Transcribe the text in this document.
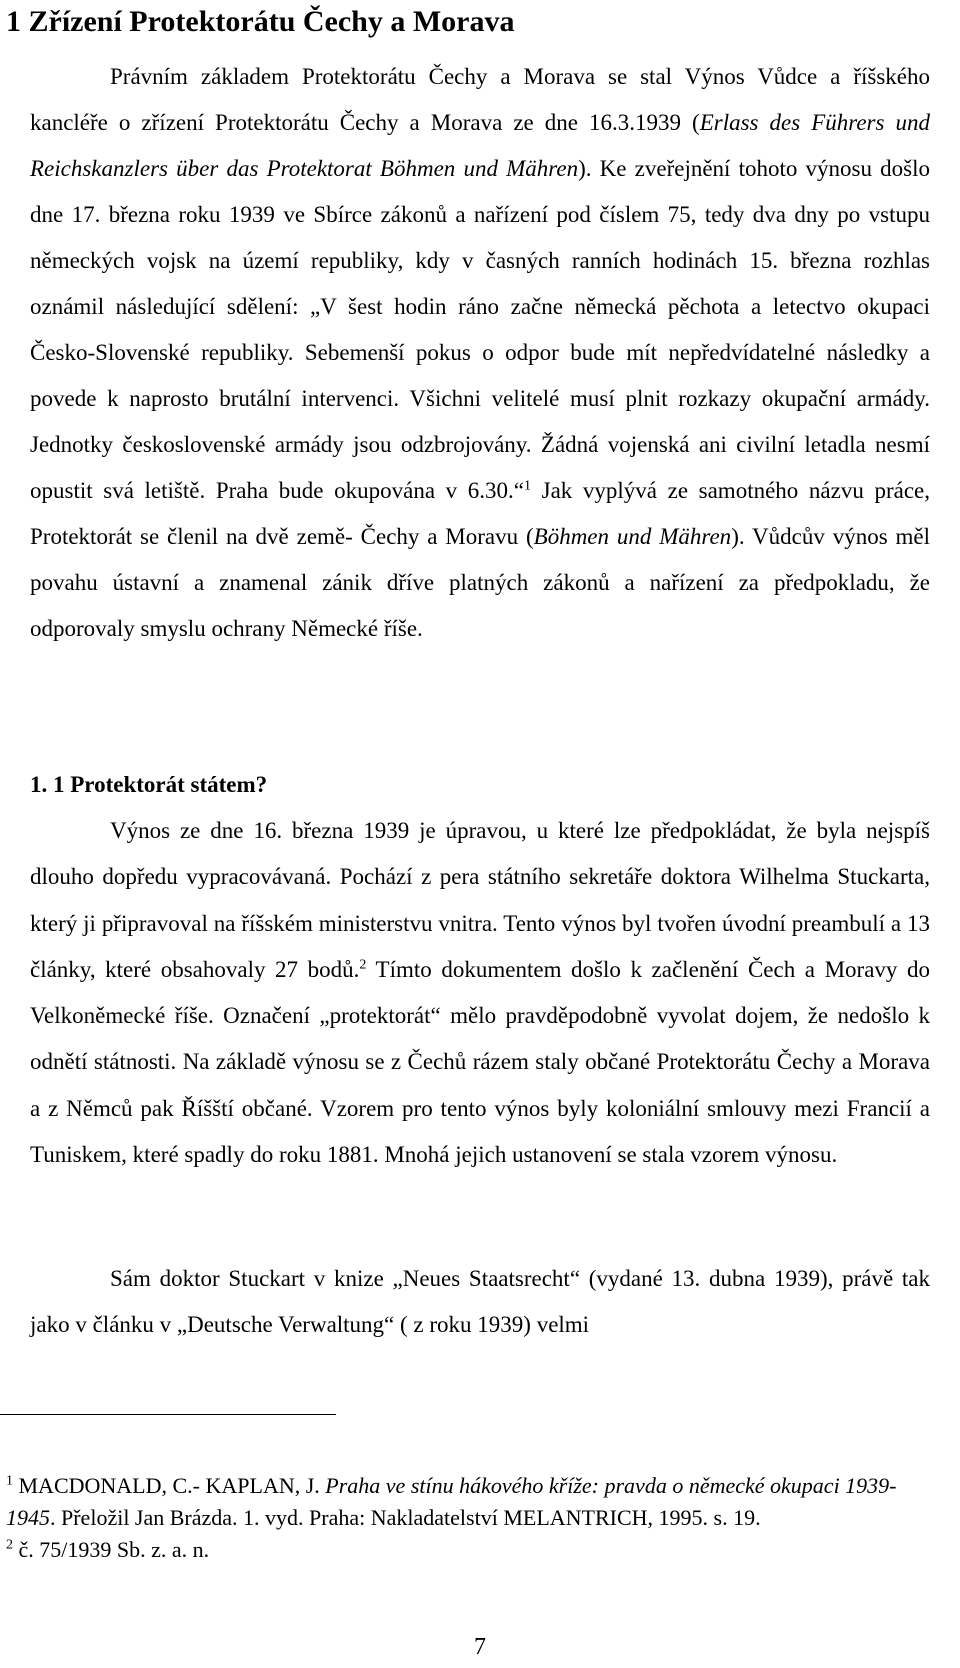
1 Zřízení Protektorátu Čechy a Morava

Právním základem Protektorátu Čechy a Morava se stal Výnos Vůdce a říšského kancléře o zřízení Protektorátu Čechy a Morava ze dne 16.3.1939 (Erlass des Führers und Reichskanzlers über das Protektorat Böhmen und Mähren). Ke zveřejnění tohoto výnosu došlo dne 17. března roku 1939 ve Sbírce zákonů a nařízení pod číslem 75, tedy dva dny po vstupu německých vojsk na území republiky, kdy v časných ranních hodinách 15. března rozhlas oznámil následující sdělení: „V šest hodin ráno začne německá pěchota a letectvo okupaci Česko-Slovenské republiky. Sebemenší pokus o odpor bude mít nepředvídatelné následky a povede k naprosto brutální intervenci. Všichni velitelé musí plnit rozkazy okupační armády. Jednotky československé armády jsou odzbrojovány. Žádná vojenská ani civilní letadla nesmí opustit svá letiště. Praha bude okupována v 6.30.“$^1$ Jak vyplývá ze samotného názvu práce, Protektorát se členil na dvě země- Čechy a Moravu (Böhmen und Mähren). Vůdcův výnos měl povahu ústavní a znamenal zánik dříve platných zákonů a nařízení za předpokladu, že odporovaly smyslu ochrany Německé říše.

1. 1 Protektorát státem?

Výnos ze dne 16. března 1939 je úpravou, u které lze předpokládat, že byla nejspíš dlouho dopředu vypracovávaná. Pochází z pera státního sekretáře doktora Wilhelma Stuckarta, který ji připravoval na říšském ministerstvu vnitra. Tento výnos byl tvořen úvodní preambulí a 13 články, které obsahovaly 27 bodů.$^2$ Tímto dokumentem došlo k začlenění Čech a Moravy do Velkoněmecké říše. Označení „protektorát“ mělo pravděpodobně vyvolat dojem, že nedošlo k odnětí státnosti. Na základě výnosu se z Čechů rázem staly občané Protektorátu Čechy a Morava a z Němců pak Říšští občané. Vzorem pro tento výnos byly koloniální smlouvy mezi Francií a Tuniskem, které spadly do roku 1881. Mnohá jejich ustanovení se stala vzorem výnosu.

Sám doktor Stuckart v knize „Neues Staatsrecht“ (vydané 13. dubna 1939), právě tak jako v článku v „Deutsche Verwaltung“ ( z roku 1939) velmi

$^1$ MACDONALD, C.- KAPLAN, J. Praha ve stínu hákového kříže: pravda o německé okupaci 1939- 1945. Přeložil Jan Brázda. 1. vyd. Praha: Nakladatelství MELANTRICH, 1995. s. 19.

$^2$ č. 75/1939 Sb. z. a. n.

7
